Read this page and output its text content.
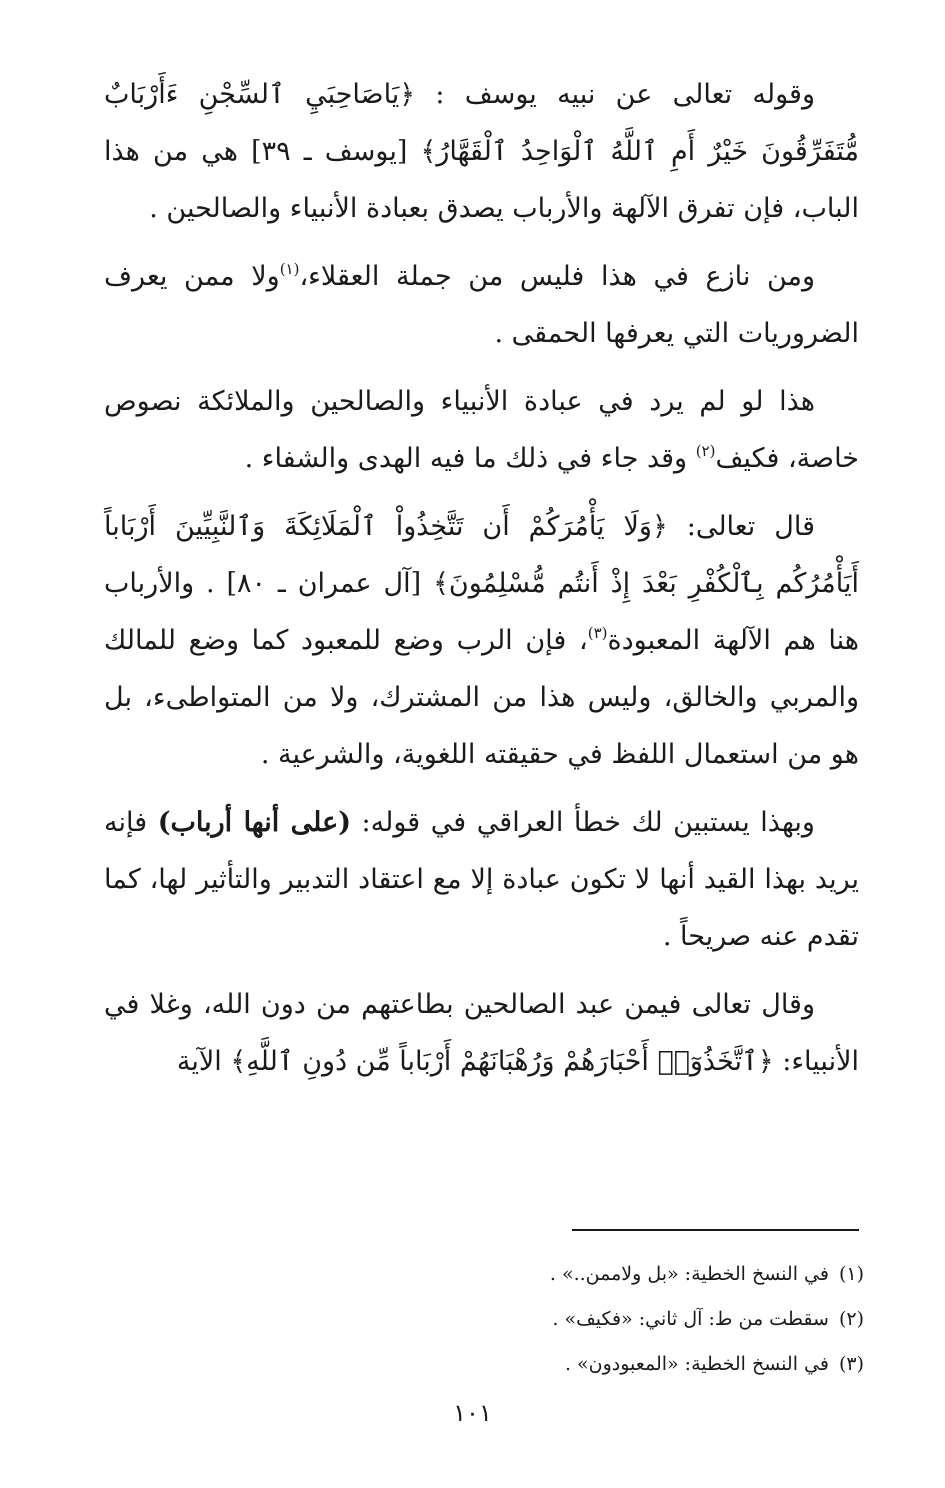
وقوله تعالى عن نبيه يوسف : ﴿يَاصَاحِبَيِ ٱلسِّجْنِ ءَأَرْبَابٌ مُّتَفَرِّقُونَ خَيْرٌ أَمِ ٱللَّهُ ٱلْوَاحِدُ ٱلْقَهَّارُ﴾ [يوسف ـ ٣٩] هي من هذا الباب، فإن تفرق الآلهة والأرباب يصدق بعبادة الأنبياء والصالحين .

ومن نازع في هذا فليس من جملة العقلاء،$^{(١)}$ولا ممن يعرف الضروريات التي يعرفها الحمقى .

هذا لو لم يرد في عبادة الأنبياء والصالحين والملائكة نصوص خاصة، فكيف$^{(٢)}$ وقد جاء في ذلك ما فيه الهدى والشفاء .

قال تعالى: ﴿وَلَا يَأْمُرَكُمْ أَن تَتَّخِذُواْ ٱلْمَلَائِكَةَ وَٱلنَّبِيِّينَ أَرْبَاباً أَيَأْمُرُكُم بِٱلْكُفْرِ بَعْدَ إِذْ أَنتُم مُّسْلِمُونَ﴾ [آل عمران ـ ٨٠] . والأرباب هنا هم الآلهة المعبودة$^{(٣)}$، فإن الرب وضع للمعبود كما وضع للمالك والمربي والخالق، وليس هذا من المشترك، ولا من المتواطىء، بل هو من استعمال اللفظ في حقيقته اللغوية، والشرعية .

وبهذا يستبين لك خطأ العراقي في قوله: (على أنها أرباب) فإنه يريد بهذا القيد أنها لا تكون عبادة إلا مع اعتقاد التدبير والتأثير لها، كما تقدم عنه صريحاً .

وقال تعالى فيمن عبد الصالحين بطاعتهم من دون الله، وغلا في الأنبياء: ﴿ٱتَّخَذُوٓا۟ أَحْبَارَهُمْ وَرُهْبَانَهُمْ أَرْبَاباً مِّن دُونِ ٱللَّهِ﴾ الآية

(١)في النسخ الخطية: «بل ولاممن..» .

(٢)سقطت من ط: آل ثاني: «فكيف» .

(٣)في النسخ الخطية: «المعبودون» .

١٠١
